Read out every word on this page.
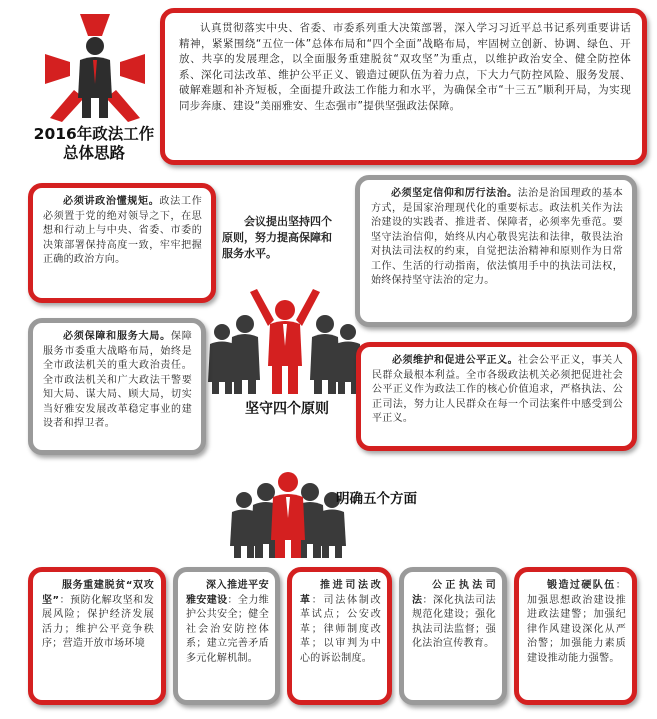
2016年政法工作
总体思路
认真贯彻落实中央、省委、市委系列重大决策部署，深入学习习近平总书记系列重要讲话精神，紧紧围绕“五位一体”总体布局和“四个全面”战略布局，牢固树立创新、协调、绿色、开放、共享的发展理念，以全面服务重建脱贫“双攻坚”为重点，以维护政治安全、健全防控体系、深化司法改革、维护公平正义、锻造过硬队伍为着力点，下大力气防控风险、服务发展、破解难题和补齐短板，全面提升政法工作能力和水平，为确保全市“十三五”顺利开局，为实现同步奔康、建设“美丽雅安、生态强市”提供坚强政法保障。
必须讲政治懂规矩。政法工作必须置于党的绝对领导之下，在思想和行动上与中央、省委、市委的决策部署保持高度一致，牢牢把握正确的政治方向。
会议提出坚持四个原则，努力提高保障和服务水平。
必须坚定信仰和厉行法治。法治是治国理政的基本方式，是国家治理现代化的重要标志。政法机关作为法治建设的实践者、推进者、保障者，必须率先垂范。要坚守法治信仰，始终从内心敬畏宪法和法律，敬畏法治对执法司法权的约束，自觉把法治精神和原则作为日常工作、生活的行动指南，依法慎用手中的执法司法权，始终保持坚守法治的定力。
必须保障和服务大局。保障服务市委重大战略布局，始终是全市政法机关的重大政治责任。全市政法机关和广大政法干警要知大局、谋大局、顾大局，切实当好雅安发展改革稳定事业的建设者和捍卫者。
坚守四个原则
必须维护和促进公平正义。社会公平正义，事关人民群众最根本利益。全市各级政法机关必须把促进社会公平正义作为政法工作的核心价值追求，严格执法、公正司法，努力让人民群众在每一个司法案件中感受到公平正义。
明确五个方面
服务重建脱贫“双攻坚”：预防化解攻坚和发展风险；保护经济发展活力；维护公平竞争秩序；营造开放市场环境
深入推进平安雅安建设：全力维护公共安全；健全社会治安防控体系；建立完善矛盾多元化解机制。
推进司法改革：司法体制改革试点；公安改革；律师制度改革；以审判为中心的诉讼制度。
公正执法司法：深化执法司法规范化建设；强化执法司法监督；强化法治宣传教育。
锻造过硬队伍：加强思想政治建设推进政法建警；加强纪律作风建设深化从严治警；加强能力素质建设推动能力强警。
